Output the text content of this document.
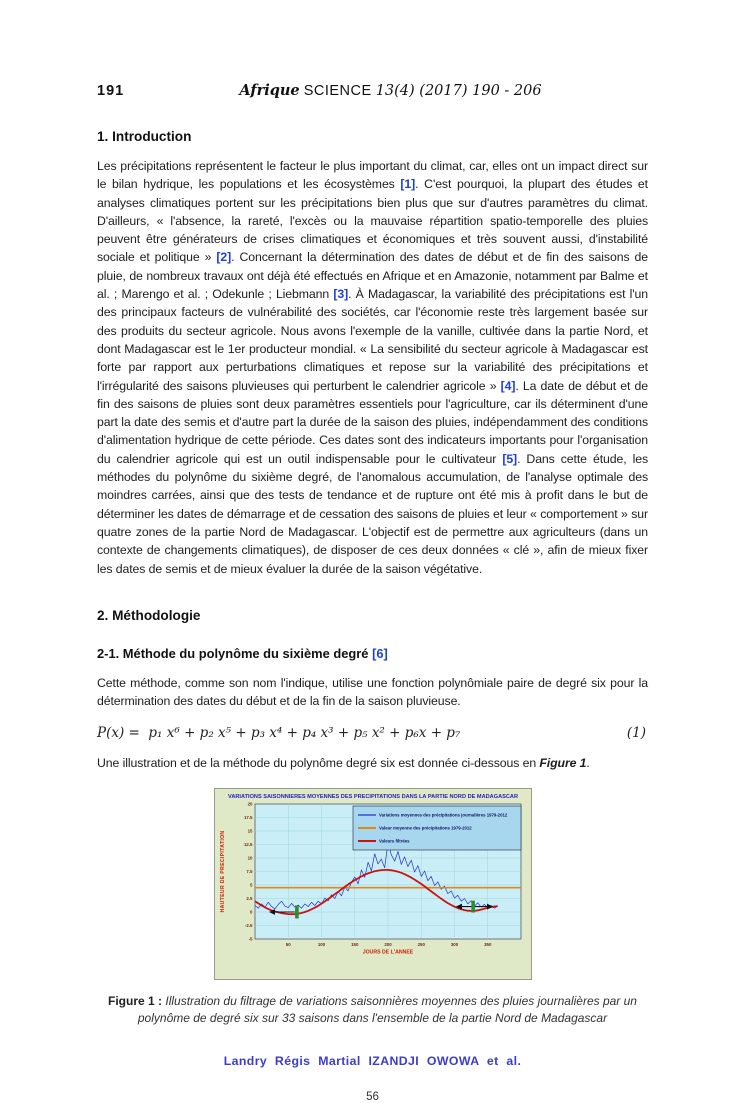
191	Afrique SCIENCE 13(4) (2017) 190 - 206
1. Introduction

Les précipitations représentent le facteur le plus important du climat, car, elles ont un impact direct sur le bilan hydrique, les populations et les écosystèmes [1]. C'est pourquoi, la plupart des études et analyses climatiques portent sur les précipitations bien plus que sur d'autres paramètres du climat. D'ailleurs, « l'absence, la rareté, l'excès ou la mauvaise répartition spatio-temporelle des pluies peuvent être générateurs de crises climatiques et économiques et très souvent aussi, d'instabilité sociale et politique » [2]. Concernant la détermination des dates de début et de fin des saisons de pluie, de nombreux travaux ont déjà été effectués en Afrique et en Amazonie, notamment par Balme et al. ; Marengo et al. ; Odekunle ; Liebmann [3]. À Madagascar, la variabilité des précipitations est l'un des principaux facteurs de vulnérabilité des sociétés, car l'économie reste très largement basée sur des produits du secteur agricole. Nous avons l'exemple de la vanille, cultivée dans la partie Nord, et dont Madagascar est le 1er producteur mondial. « La sensibilité du secteur agricole à Madagascar est forte par rapport aux perturbations climatiques et repose sur la variabilité des précipitations et l'irrégularité des saisons pluvieuses qui perturbent le calendrier agricole » [4]. La date de début et de fin des saisons de pluies sont deux paramètres essentiels pour l'agriculture, car ils déterminent d'une part la date des semis et d'autre part la durée de la saison des pluies, indépendamment des conditions d'alimentation hydrique de cette période. Ces dates sont des indicateurs importants pour l'organisation du calendrier agricole qui est un outil indispensable pour le cultivateur [5]. Dans cette étude, les méthodes du polynôme du sixième degré, de l'anomalous accumulation, de l'analyse optimale des moindres carrées, ainsi que des tests de tendance et de rupture ont été mis à profit dans le but de déterminer les dates de démarrage et de cessation des saisons de pluies et leur « comportement » sur quatre zones de la partie Nord de Madagascar. L'objectif est de permettre aux agriculteurs (dans un contexte de changements climatiques), de disposer de ces deux données « clé », afin de mieux fixer les dates de semis et de mieux évaluer la durée de la saison végétative.

2. Méthodologie
2-1. Méthode du polynôme du sixième degré [6]

Cette méthode, comme son nom l'indique, utilise une fonction polynômiale paire de degré six pour la détermination des dates du début et de la fin de la saison pluvieuse.

P(x) =  p₁ x⁶ + p₂ x⁵ + p₃ x⁴ + p₄ x³ + p₅ x² + p₆x + p₇	(1)

Une illustration et de la méthode du polynôme degré six est donnée ci-dessous en Figure 1.

VARIATIONS SAISONNIERES MOYENNES DES PRECIPITATIONS DANS LA PARTIE NORD DE MADAGASCAR
50	100	150	200	250	300	350
-5
-2.5
0
2.5
5
7.5
10
12.5
15
17.5
20
JOURS DE L'ANNEE
HAUTEUR DE PRECIPITATION
Variations moyennes des précipitations journalières 1979-2012
Valeur moyenne des précipitations 1979-2012
Valeurs filtrées

Figure 1 : Illustration du filtrage de variations saisonnières moyennes des pluies journalières par un polynôme de degré six sur 33 saisons dans l'ensemble de la partie Nord de Madagascar

Landry Régis Martial IZANDJI OWOWA et al.
56
